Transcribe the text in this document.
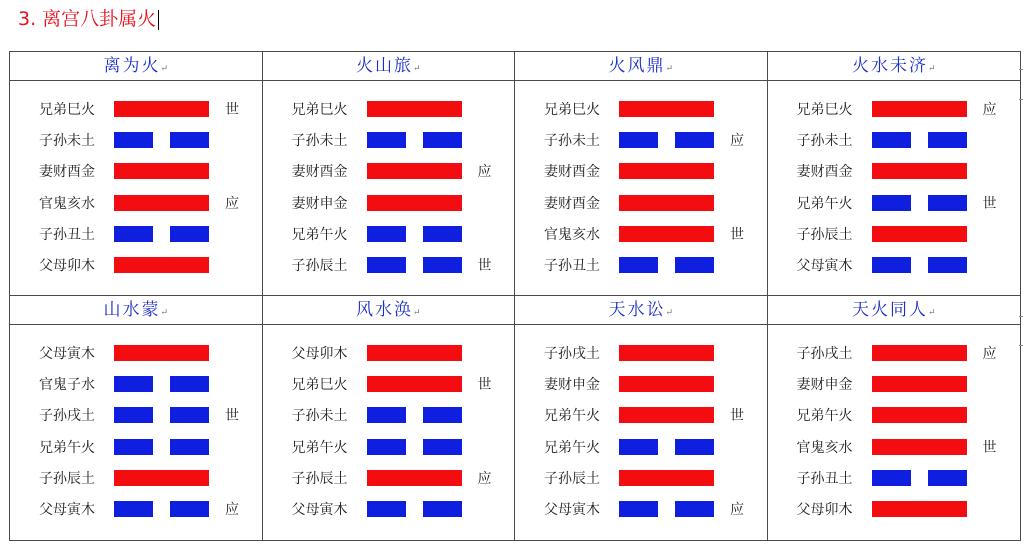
3. 离宫八卦属火
离为火↵
兄弟巳火	世
子孙未土
妻财酉金
官鬼亥水	应
子孙丑土
父母卯木
火山旅↵
兄弟巳火
子孙未土
妻财酉金	应
妻财申金
兄弟午火
子孙辰土	世
火风鼎↵
兄弟巳火
子孙未土	应
妻财酉金
妻财酉金
官鬼亥水	世
子孙丑土
火水未济↵
兄弟巳火	应
子孙未土
妻财酉金
兄弟午火	世
子孙辰土
父母寅木
山水蒙↵
父母寅木
官鬼子水
子孙戌土	世
兄弟午火
子孙辰土
父母寅木	应
风水涣↵
父母卯木
兄弟巳火	世
子孙未土
兄弟午火
子孙辰土	应
父母寅木
天水讼↵
子孙戌土
妻财申金
兄弟午火	世
兄弟午火
子孙辰土
父母寅木	应
天火同人↵
子孙戌土	应
妻财申金
兄弟午火
官鬼亥水	世
子孙丑土
父母卯木
